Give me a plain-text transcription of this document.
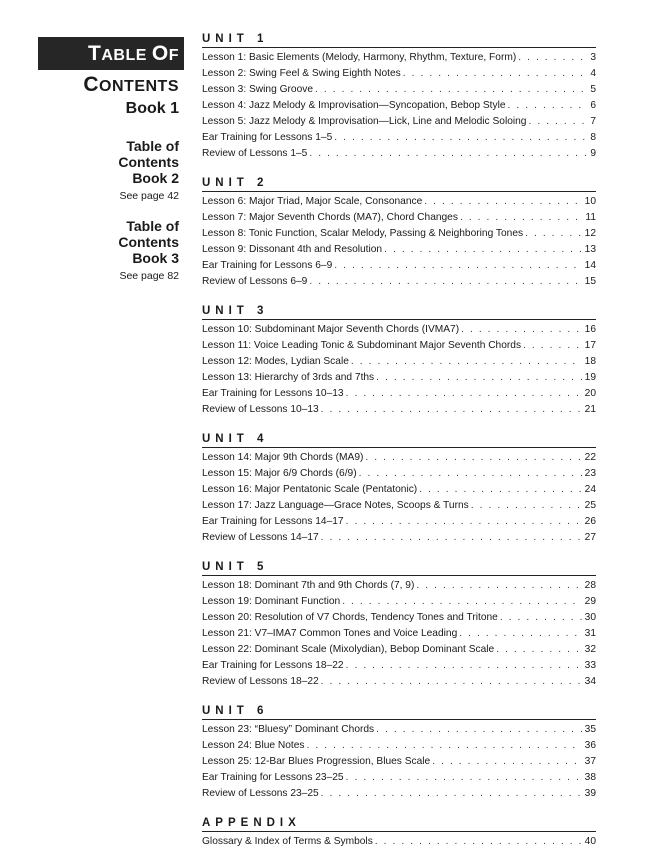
TABLE OF
CONTENTS
Book 1
Table of
Contents
Book 2
See page 42
Table of
Contents
Book 3
See page 82
UNIT 1
Lesson 1: Basic Elements (Melody, Harmony, Rhythm, Texture, Form) . . .	3
Lesson 2: Swing Feel & Swing Eighth Notes . . .	4
Lesson 3: Swing Groove . . .	5
Lesson 4: Jazz Melody & Improvisation—Syncopation, Bebop Style . . .	6
Lesson 5: Jazz Melody & Improvisation—Lick, Line and Melodic Soloing . . .	7
Ear Training for Lessons 1–5 . . .	8
Review of Lessons 1–5 . . .	9
UNIT 2
Lesson 6: Major Triad, Major Scale, Consonance . . .	10
Lesson 7: Major Seventh Chords (MA7), Chord Changes . . .	11
Lesson 8: Tonic Function, Scalar Melody, Passing & Neighboring Tones . . .	12
Lesson 9: Dissonant 4th and Resolution . . .	13
Ear Training for Lessons 6–9 . . .	14
Review of Lessons 6–9 . . .	15
UNIT 3
Lesson 10: Subdominant Major Seventh Chords (IVMA7) . . .	16
Lesson 11: Voice Leading Tonic & Subdominant Major Seventh Chords . . .	17
Lesson 12: Modes, Lydian Scale . . .	18
Lesson 13: Hierarchy of 3rds and 7ths . . .	19
Ear Training for Lessons 10–13 . . .	20
Review of Lessons 10–13 . . .	21
UNIT 4
Lesson 14: Major 9th Chords (MA9) . . .	22
Lesson 15: Major 6/9 Chords (6/9) . . .	23
Lesson 16: Major Pentatonic Scale (Pentatonic) . . .	24
Lesson 17: Jazz Language—Grace Notes, Scoops & Turns . . .	25
Ear Training for Lessons 14–17 . . .	26
Review of Lessons 14–17 . . .	27
UNIT 5
Lesson 18: Dominant 7th and 9th Chords (7, 9) . . .	28
Lesson 19: Dominant Function . . .	29
Lesson 20: Resolution of V7 Chords, Tendency Tones and Tritone . . .	30
Lesson 21: V7–IMA7 Common Tones and Voice Leading . . .	31
Lesson 22: Dominant Scale (Mixolydian), Bebop Dominant Scale . . .	32
Ear Training for Lessons 18–22 . . .	33
Review of Lessons 18–22 . . .	34
UNIT 6
Lesson 23: “Bluesy” Dominant Chords . . .	35
Lesson 24: Blue Notes . . .	36
Lesson 25: 12-Bar Blues Progression, Blues Scale . . .	37
Ear Training for Lessons 23–25 . . .	38
Review of Lessons 23–25 . . .	39
APPENDIX
Glossary & Index of Terms & Symbols . . .	40
